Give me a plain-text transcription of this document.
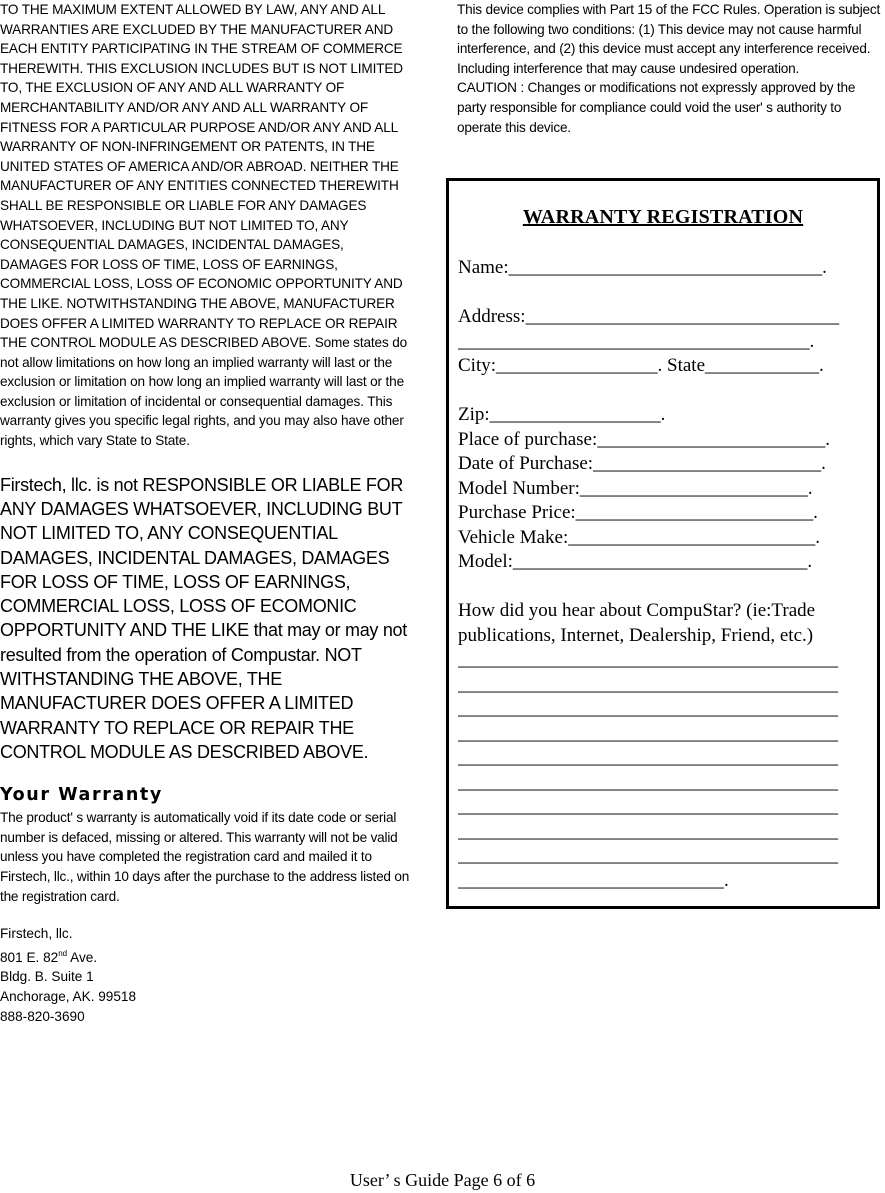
TO THE MAXIMUM EXTENT ALLOWED BY LAW, ANY AND ALL WARRANTIES ARE EXCLUDED BY THE MANUFACTURER AND EACH ENTITY PARTICIPATING IN THE STREAM OF COMMERCE THEREWITH. THIS EXCLUSION INCLUDES BUT IS NOT LIMITED TO, THE EXCLUSION OF ANY AND ALL WARRANTY OF MERCHANTABILITY AND/OR ANY AND ALL WARRANTY OF FITNESS FOR A PARTICULAR PURPOSE AND/OR ANY AND ALL WARRANTY OF NON-INFRINGEMENT OR PATENTS, IN THE UNITED STATES OF AMERICA AND/OR ABROAD. NEITHER THE MANUFACTURER OF ANY ENTITIES CONNECTED THEREWITH SHALL BE RESPONSIBLE OR LIABLE FOR ANY DAMAGES WHATSOEVER, INCLUDING BUT NOT LIMITED TO, ANY CONSEQUENTIAL DAMAGES, INCIDENTAL DAMAGES, DAMAGES FOR LOSS OF TIME, LOSS OF EARNINGS, COMMERCIAL LOSS, LOSS OF ECONOMIC OPPORTUNITY AND THE LIKE. NOTWITHSTANDING THE ABOVE, MANUFACTURER DOES OFFER A LIMITED WARRANTY TO REPLACE OR REPAIR THE CONTROL MODULE AS DESCRIBED ABOVE. Some states do not allow limitations on how long an implied warranty will last or the exclusion or limitation on how long an implied warranty will last or the exclusion or limitation of incidental or consequential damages. This warranty gives you specific legal rights, and you may also have other rights, which vary State to State.

Firstech, llc. is not RESPONSIBLE OR LIABLE FOR ANY DAMAGES WHATSOEVER, INCLUDING BUT NOT LIMITED TO, ANY CONSEQUENTIAL DAMAGES, INCIDENTAL DAMAGES, DAMAGES FOR LOSS OF TIME, LOSS OF EARNINGS, COMMERCIAL LOSS, LOSS OF ECOMONIC OPPORTUNITY AND THE LIKE that may or may not resulted from the operation of Compustar. NOT WITHSTANDING THE ABOVE, THE MANUFACTURER DOES OFFER A LIMITED WARRANTY TO REPLACE OR REPAIR THE CONTROL MODULE AS DESCRIBED ABOVE.

Your Warranty

The product' s warranty is automatically void if its date code or serial number is defaced, missing or altered. This warranty will not be valid unless you have completed the registration card and mailed it to Firstech, llc., within 10 days after the purchase to the address listed on the registration card.

Firstech, llc.
801 E. 82nd Ave.
Bldg. B. Suite 1
Anchorage, AK. 99518
888-820-3690

This device complies with Part 15 of the FCC Rules. Operation is subject to the following two conditions: (1) This device may not cause harmful interference, and (2) this device must accept any interference received. Including interference that may cause undesired operation.
CAUTION : Changes or modifications not expressly approved by the party responsible for compliance could void the user' s authority to operate this device.

WARRANTY REGISTRATION
Name:_________________________________.
Address:_________________________________
_____________________________________.
City:_________________. State____________.
Zip:__________________.
Place of purchase:________________________.
Date of Purchase:________________________.
Model Number:________________________.
Purchase Price:_________________________.
Vehicle Make:__________________________.
Model:_______________________________.
How did you hear about CompuStar? (ie:Trade publications, Internet, Dealership, Friend, etc.)
________________________________________
________________________________________
________________________________________
________________________________________
________________________________________
________________________________________
________________________________________
________________________________________
________________________________________
____________________________.
User’ s Guide Page 6 of 6
